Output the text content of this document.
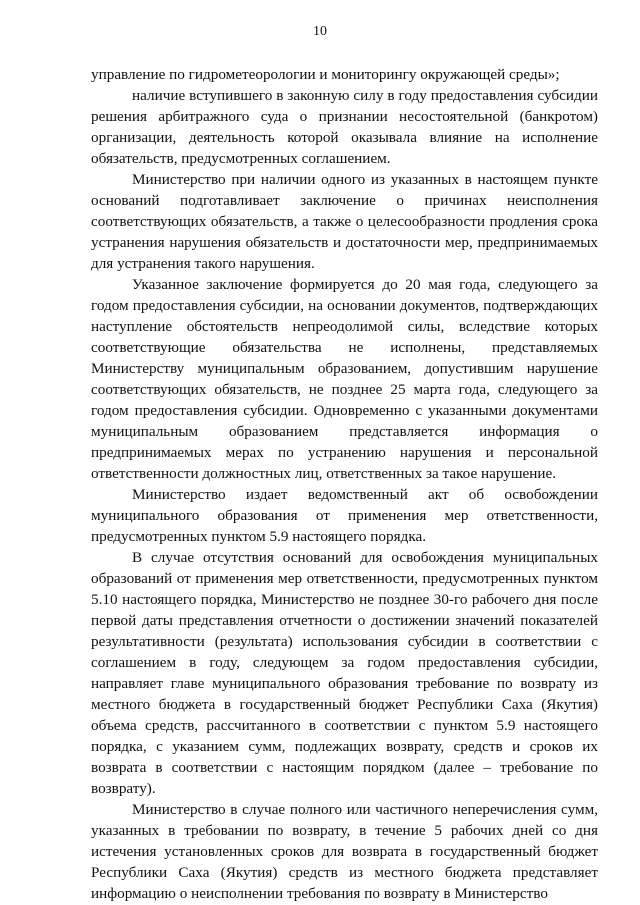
10

управление по гидрометеорологии и мониторингу окружающей среды»;

наличие вступившего в законную силу в году предоставления субсидии решения арбитражного суда о признании несостоятельной (банкротом) организации, деятельность которой оказывала влияние на исполнение обязательств, предусмотренных соглашением.

Министерство при наличии одного из указанных в настоящем пункте оснований подготавливает заключение о причинах неисполнения соответствующих обязательств, а также о целесообразности продления срока устранения нарушения обязательств и достаточности мер, предпринимаемых для устранения такого нарушения.

Указанное заключение формируется до 20 мая года, следующего за годом предоставления субсидии, на основании документов, подтверждающих наступление обстоятельств непреодолимой силы, вследствие которых соответствующие обязательства не исполнены, представляемых Министерству муниципальным образованием, допустившим нарушение соответствующих обязательств, не позднее 25 марта года, следующего за годом предоставления субсидии. Одновременно с указанными документами муниципальным образованием представляется информация о предпринимаемых мерах по устранению нарушения и персональной ответственности должностных лиц, ответственных за такое нарушение.

Министерство издает ведомственный акт об освобождении муниципального образования от применения мер ответственности, предусмотренных пунктом 5.9 настоящего порядка.

В случае отсутствия оснований для освобождения муниципальных образований от применения мер ответственности, предусмотренных пунктом 5.10 настоящего порядка, Министерство не позднее 30-го рабочего дня после первой даты представления отчетности о достижении значений показателей результативности (результата) использования субсидии в соответствии с соглашением в году, следующем за годом предоставления субсидии, направляет главе муниципального образования требование по возврату из местного бюджета в государственный бюджет Республики Саха (Якутия) объема средств, рассчитанного в соответствии с пунктом 5.9 настоящего порядка, с указанием сумм, подлежащих возврату, средств и сроков их возврата в соответствии с настоящим порядком (далее – требование по возврату).

Министерство в случае полного или частичного неперечисления сумм, указанных в требовании по возврату, в течение 5 рабочих дней со дня истечения установленных сроков для возврата в государственный бюджет Республики Саха (Якутия) средств из местного бюджета представляет информацию о неисполнении требования по возврату в Министерство
